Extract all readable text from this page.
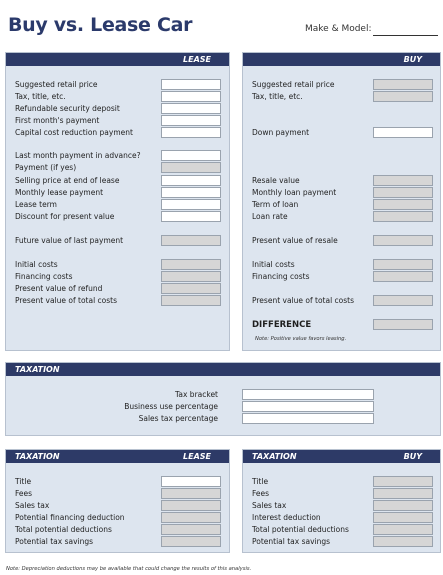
Buy vs. Lease Car	Make & Model:
LEASE
Suggested retail price
Tax, title, etc.
Refundable security deposit
First month's payment
Capital cost reduction payment
Last month payment in advance?
Payment (if yes)
Selling price at end of lease
Monthly lease payment
Lease term
Discount for present value
Future value of last payment
Initial costs
Financing costs
Present value of refund
Present value of total costs
BUY
Suggested retail price
Tax, title, etc.
Down payment
Resale value
Monthly loan payment
Term of loan
Loan rate
Present value of resale
Initial costs
Financing costs
Present value of total costs
DIFFERENCE
Note: Positive value favors leasing.
TAXATION
Tax bracket
Business use percentage
Sales tax percentage
TAXATION	LEASE
Title
Fees
Sales tax
Potential financing deduction
Total potential deductions
Potential tax savings
TAXATION	BUY
Title
Fees
Sales tax
Interest deduction
Total potential deductions
Potential tax savings
Note: Depreciation deductions may be available that could change the results of this analysis.
